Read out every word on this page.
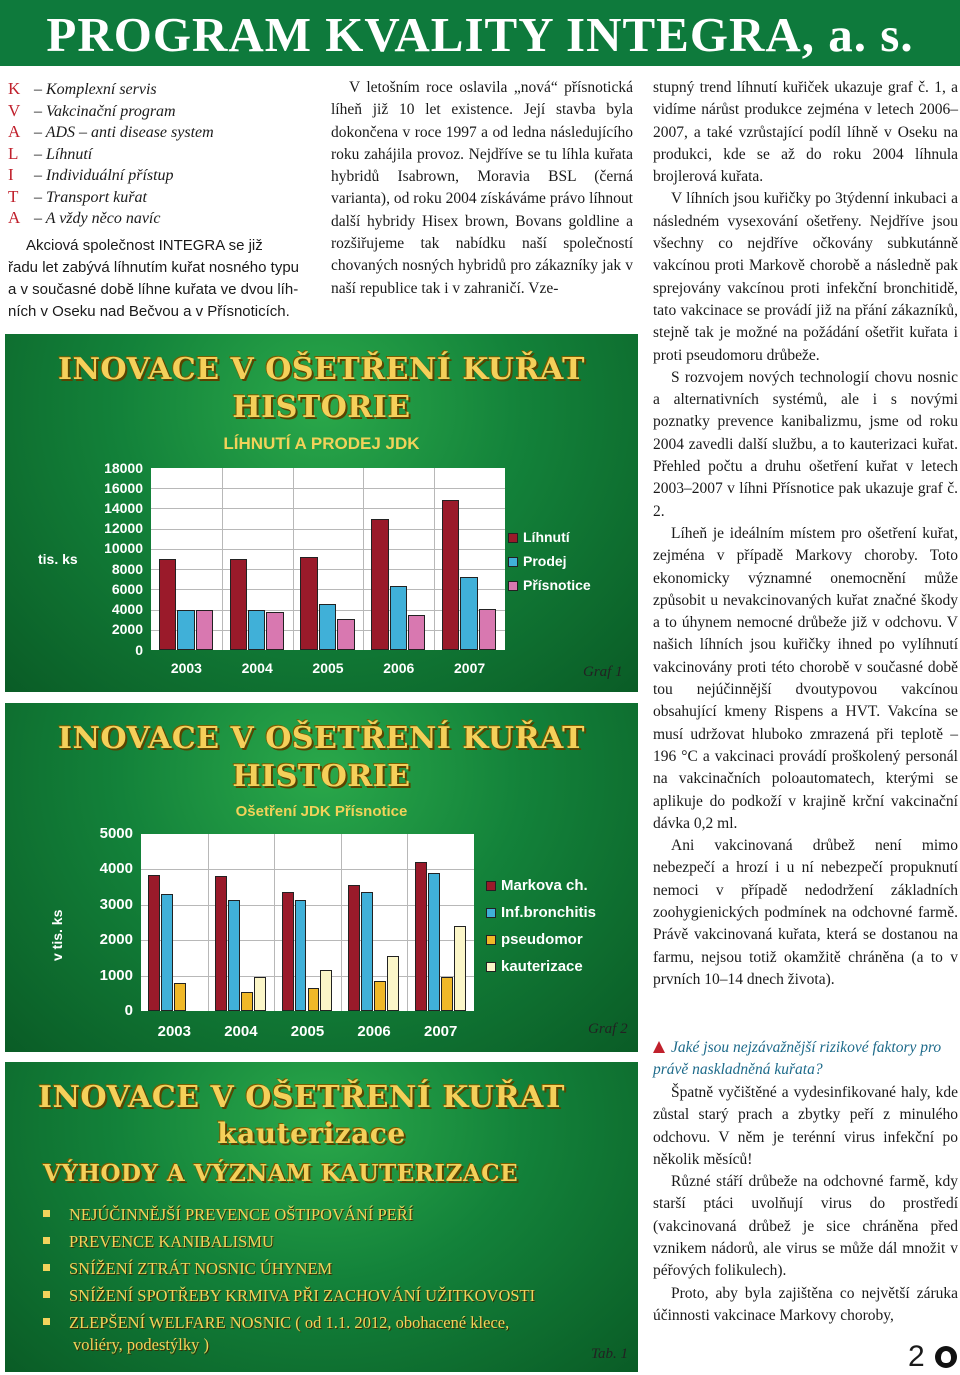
PROGRAM KVALITY INTEGRA, a. s.
K – Komplexní servis
V – Vakcinační program
A – ADS – anti disease system
L – Líhnutí
I – Individuální přístup
T – Transport kuřat
A – A vždy něco navíc
Akciová společnost INTEGRA se již
řadu let zabývá líhnutím kuřat nosného typu
a v současné době líhne kuřata ve dvou líh-
ních v Oseku nad Bečvou a v Přísnoticích.

V letošním roce oslavila „nová“ přísnotická líheň již 10 let existence. Její stavba byla dokončena v roce 1997 a od ledna následujícího roku zahájila provoz. Nejdříve se tu líhla kuřata hybridů Isabrown, Moravia BSL (černá varianta), od roku 2004 získáváme právo líhnout další hybridy Hisex brown, Bovans goldline a rozšiřujeme tak nabídku naší společností chovaných nosných hybridů pro zákazníky jak v naší republice tak i v zahraničí. Vze-

stupný trend líhnutí kuřiček ukazuje graf č. 1, a vidíme nárůst produkce zejména v letech 2006–2007, a také vzrůstající podíl líhně v Oseku na produkci, kde se až do roku 2004 líhnula brojlerová kuřata.

V líhních jsou kuřičky po 3týdenní inkubaci a následném vysexování ošetřeny. Nejdříve jsou všechny co nejdříve očkovány subkutánně vakcínou proti Markově chorobě a následně pak sprejovány vakcínou proti infekční bronchitidě, tato vakcinace se provádí již na přání zákazníků, stejně tak je možné na požádání ošetřit kuřata i proti pseudomoru drůbeže.

S rozvojem nových technologií chovu nosnic a alternativních systémů, ale i s novými poznatky prevence kanibalizmu, jsme od roku 2004 zavedli další službu, a to kauterizaci kuřat. Přehled počtu a druhu ošetření kuřat v letech 2003–2007 v líhni Přísnotice pak ukazuje graf č. 2.

Líheň je ideálním místem pro ošetření kuřat, zejména v případě Markovy choroby. Toto ekonomicky významné onemocnění může způsobit u nevakcinovaných kuřat značné škody a to úhynem nemocné drůbeže již v odchovu. V našich líhních jsou kuřičky ihned po vylíhnutí vakcinovány proti této chorobě v současné době tou nejúčinnější dvoutypovou vakcínou obsahující kmeny Rispens a HVT. Vakcína se musí udržovat hluboko zmrazená při teplotě –196 °C a vakcinaci provádí proškolený personál na vakcinačních poloautomatech, kterými se aplikuje do podkoží v krajině krční vakcinační dávka 0,2 ml.

Ani vakcinovaná drůbež není mimo nebezpečí a hrozí i u ní nebezpečí propuknutí nemoci v případě nedodržení základních zoohygienických podmínek na odchovné farmě. Právě vakcinovaná kuřata, která se dostanou na farmu, nejsou totiž okamžitě chráněna (a to v prvních 10–14 dnech života).

Jaké jsou nejzávažnější rizikové faktory pro právě naskladněná kuřata?

Špatně vyčištěné a vydesinfikované haly, kde zůstal starý prach a zbytky peří z minulého odchovu. V něm je terénní virus infekční po několik měsíců!

Různé stáří drůbeže na odchovné farmě, kdy starší ptáci uvolňují virus do prostředí (vakcinovaná drůbež je sice chráněna před vznikem nádorů, ale virus se může dál množit v péřových folikulech).

Proto, aby byla zajištěna co největší záruka účinnosti vakcinace Markovy choroby,

INOVACE V OŠETŘENÍ KUŘAT
HISTORIE
LÍHNUTÍ A PRODEJ JDK
tis. ks
18000
16000
14000
12000
10000
8000
6000
4000
2000
0
2003	2004	2005	2006	2007
Líhnutí
Prodej
Přísnotice
Graf 1
INOVACE V OŠETŘENÍ KUŘAT
HISTORIE
Ošetření JDK Přísnotice
v tis. ks
5000
4000
3000
2000
1000
0
2003	2004	2005	2006	2007
Markova ch.
Inf.bronchitis
pseudomor
kauterizace
Graf 2
INOVACE V OŠETŘENÍ KUŘAT
kauterizace
VÝHODY A VÝZNAM KAUTERIZACE
NEJÚČINNĚJŠÍ PREVENCE OŠTIPOVÁNÍ PEŘÍ
PREVENCE KANIBALISMU
SNÍŽENÍ ZTRÁT NOSNIC ÚHYNEM
SNÍŽENÍ SPOTŘEBY KRMIVA PŘI ZACHOVÁNÍ UŽITKOVOSTI
ZLEPŠENÍ WELFARE NOSNIC ( od 1.1. 2012, obohacené klece,
voliéry, podestýlky )	Tab. 1	2
